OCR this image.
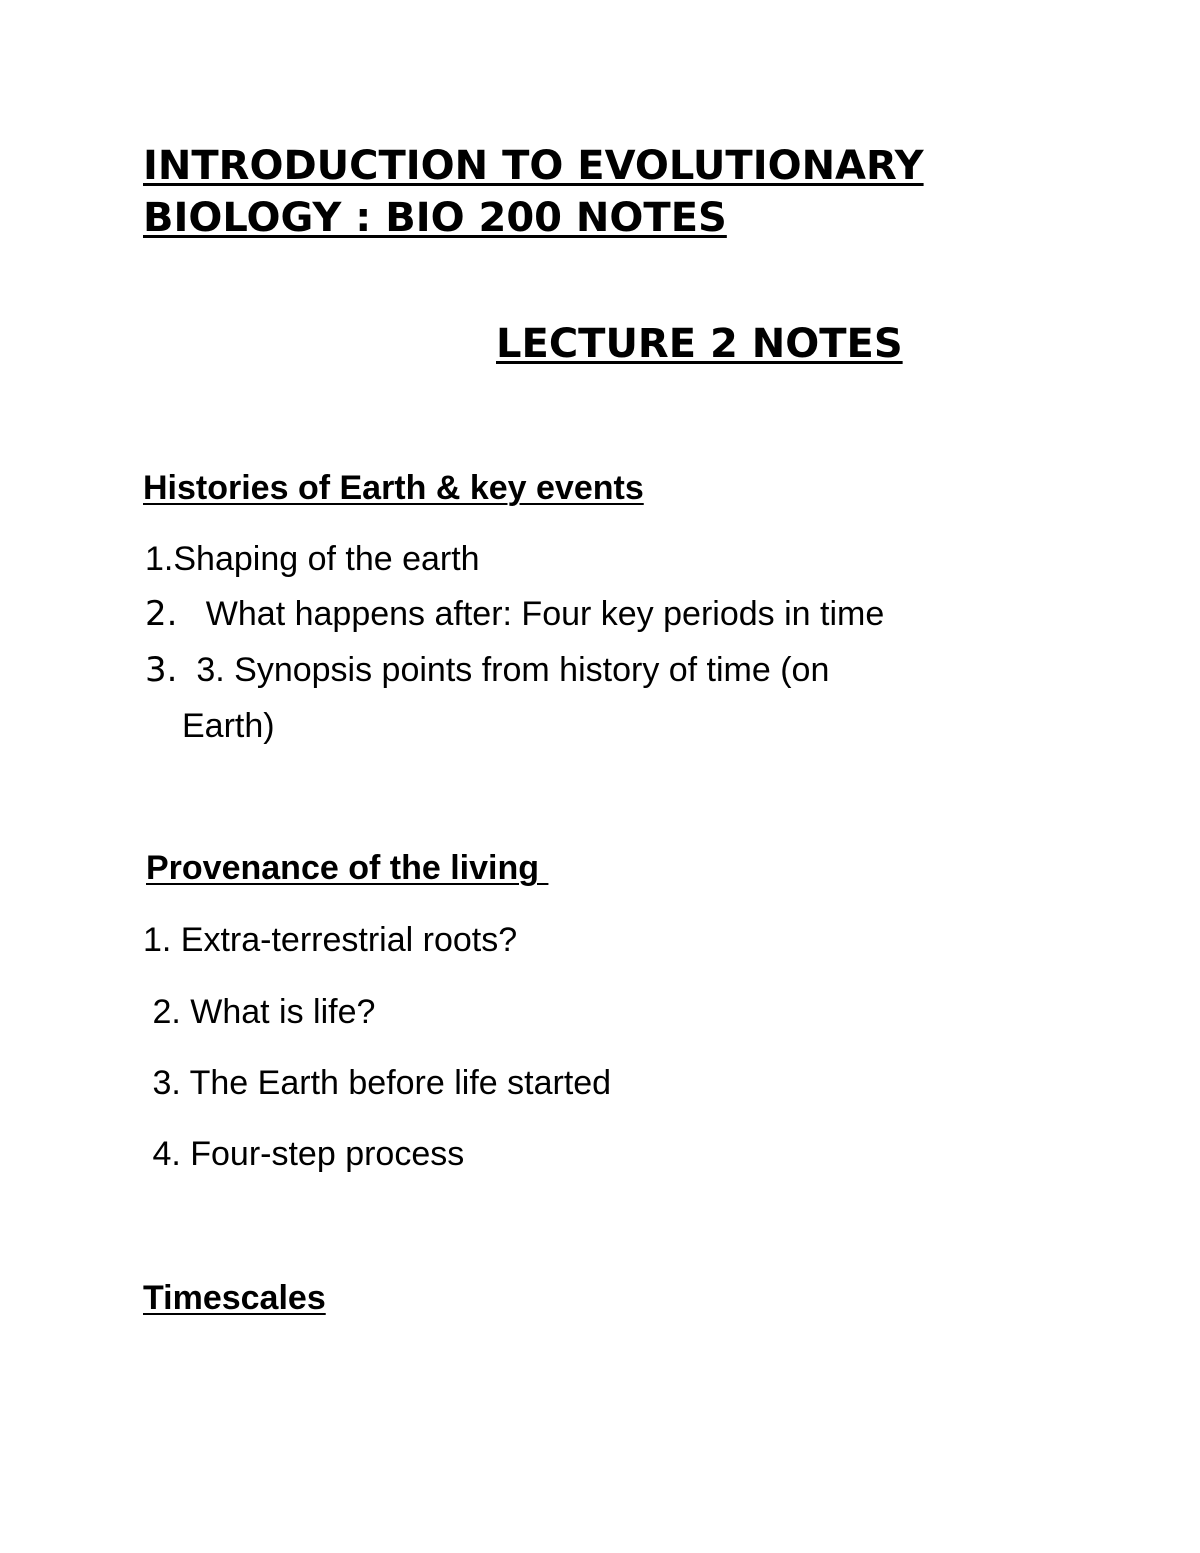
INTRODUCTION TO EVOLUTIONARY
BIOLOGY : BIO 200 NOTES
LECTURE 2 NOTES
Histories of Earth & key events

1.Shaping of the earth

2.   What happens after: Four key periods in time

3.  3. Synopsis points from history of time (on

Earth)

Provenance of the living

1. Extra-terrestrial roots?

2. What is life?

3. The Earth before life started

4. Four-step process

Timescales
